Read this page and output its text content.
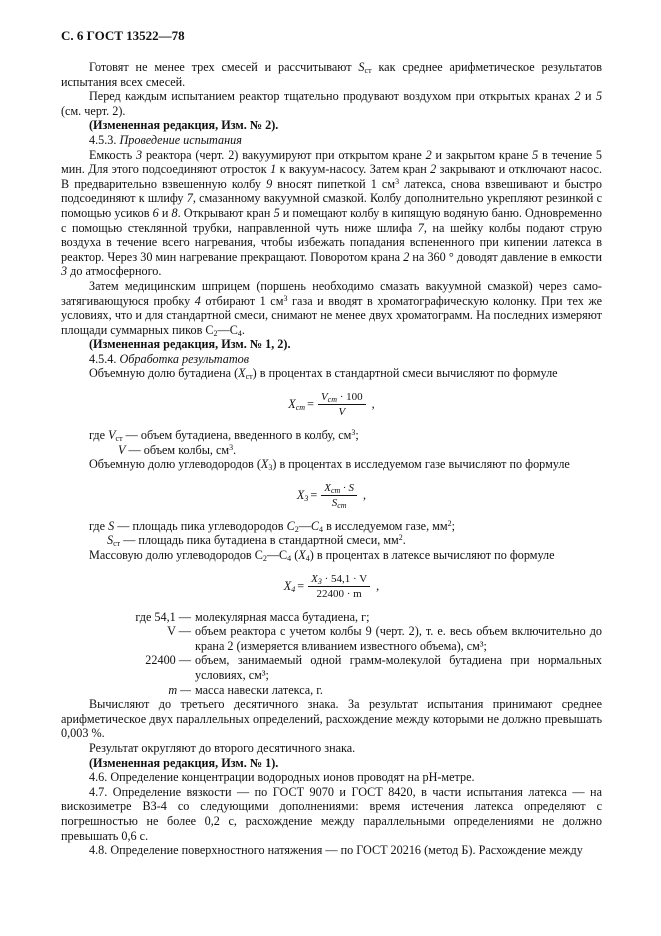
С. 6 ГОСТ 13522—78

Готовят не менее трех смесей и рассчитывают $S_{ст}$ как среднее арифметическое результатов испытания всех смесей.

Перед каждым испытанием реактор тщательно продувают воздухом при открытых кранах 2 и 5 (см. черт. 2).

(Измененная редакция, Изм. № 2).

4.5.3. Проведение испытания

Емкость 3 реактора (черт. 2) вакуумируют при открытом кране 2 и закрытом кране 5 в течение 5 мин. Для этого подсоединяют отросток 1 к вакуум-насосу. Затем кран 2 закрывают и отключают насос. В предварительно взвешенную колбу 9 вносят пипеткой 1 $см^3$ латекса, снова взвешивают и быстро подсоединяют к шлифу 7, смазанному вакуумной смазкой. Колбу дополнительно укрепляют резинкой с помощью усиков 6 и 8. Открывают кран 5 и помещают колбу в кипящую водяную баню. Одновременно с помощью стеклянной трубки, направленной чуть ниже шлифа 7, на шейку колбы подают струю воздуха в течение всего нагревания, чтобы избежать попадания вспененного при кипении латекса в реактор. Через 30 мин нагревание прекращают. Поворотом крана 2 на 360 ° доводят давление в емкости 3 до атмосферного.

Затем медицинским шприцем (поршень необходимо смазать вакуумной смазкой) через само-затягивающуюся пробку 4 отбирают 1 $см^3$ газа и вводят в хроматографическую колонку. При тех же условиях, что и для стандартной смеси, снимают не менее двух хроматограмм. На последних измеряют площади суммарных пиков $С_2—С_4$.

(Измененная редакция, Изм. № 1, 2).

4.5.4. Обработка результатов

Объемную долю бутадиена $(X_{ст})$ в процентах в стандартной смеси вычисляют по формуле

$X_{ст} = \frac{V_{ст} \cdot 100}{V}$ ,

где $V_{ст}$ — объем бутадиена, введенного в колбу, $см^3$;

V — объем колбы, $см^3$.

Объемную долю углеводородов $(X_3)$ в процентах в исследуемом газе вычисляют по формуле

$X_3 = \frac{X_{ст} \cdot S}{S_{ст}}$ ,

где S — площадь пика углеводородов $С_2—С_4$ в исследуемом газе, $мм^2$;

$S_{ст}$ — площадь пика бутадиена в стандартной смеси, $мм^2$.

Массовую долю углеводородов $С_2—С_4$ $(X_4)$ в процентах в латексе вычисляют по формуле

$X_4 = \frac{X_3 \cdot 54,1 \cdot V}{22400 \cdot m}$ ,
где 54,1 — молекулярная масса бутадиена, г;
V — объем реактора с учетом колбы 9 (черт. 2), т. е. весь объем включительно до крана 2 (измеряется вливанием известного объема), см³;
22400 — объем, занимаемый одной грамм-молекулой бутадиена при нормальных условиях, см³;
m — масса навески латекса, г.

Вычисляют до третьего десятичного знака. За результат испытания принимают среднее арифметическое двух параллельных определений, расхождение между которыми не должно превышать 0,003 %.

Результат округляют до второго десятичного знака.

(Измененная редакция, Изм. № 1).

4.6. Определение концентрации водородных ионов проводят на pH-метре.

4.7. Определение вязкости — по ГОСТ 9070 и ГОСТ 8420, в части испытания латекса — на вискозиметре ВЗ-4 со следующими дополнениями: время истечения латекса определяют с погрешностью не более 0,2 с, расхождение между параллельными определениями не должно превышать 0,6 с.

4.8. Определение поверхностного натяжения — по ГОСТ 20216 (метод Б). Расхождение между
